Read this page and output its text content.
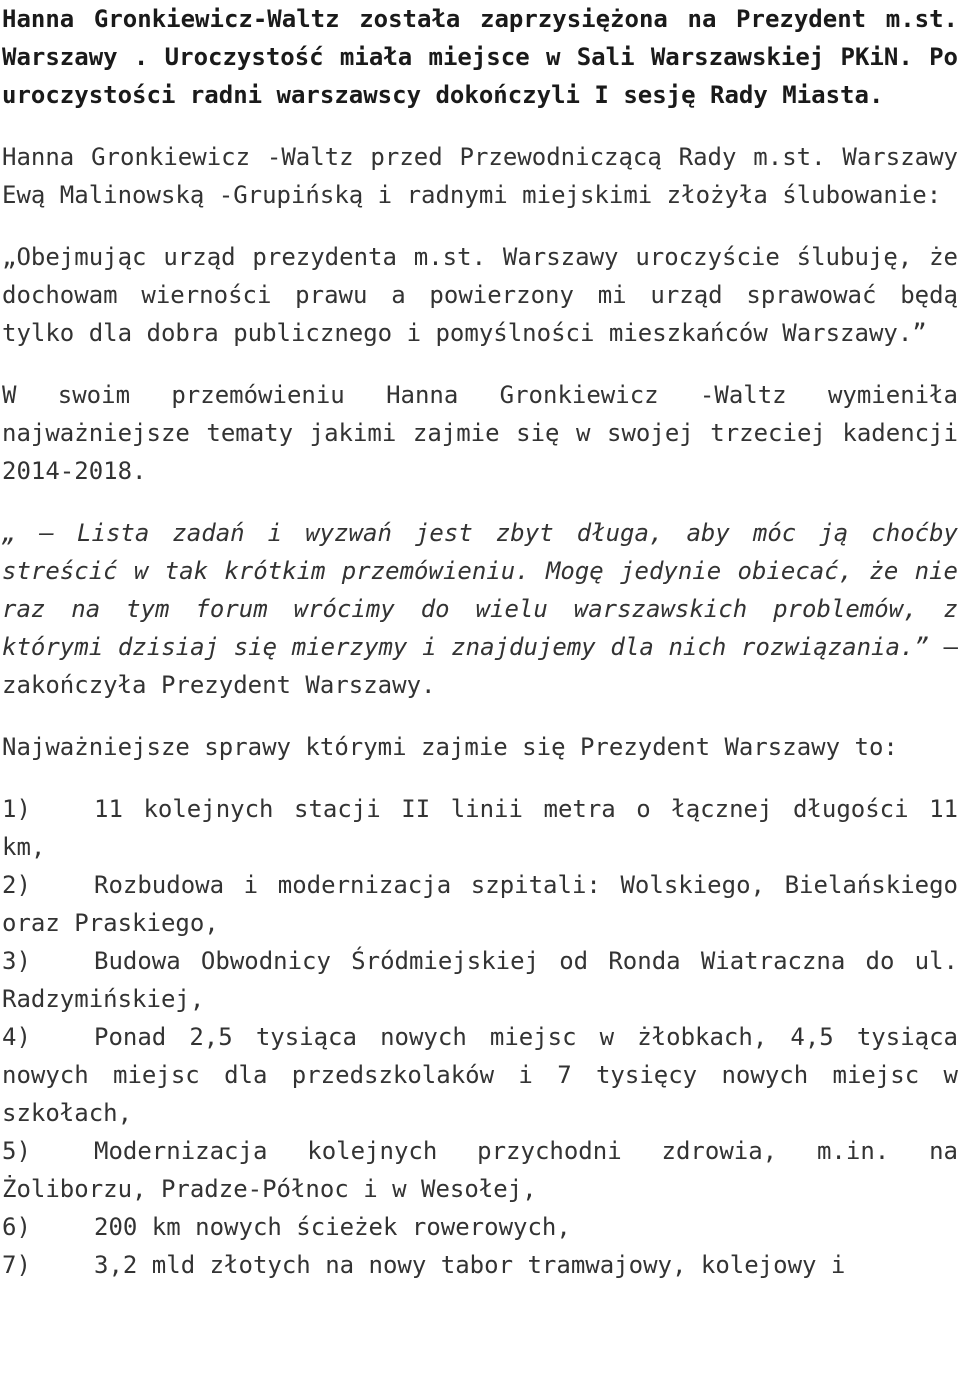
Hanna Gronkiewicz-Waltz została zaprzysiężona na Prezydent m.st. Warszawy . Uroczystość miała miejsce w Sali Warszawskiej PKiN. Po uroczystości radni warszawscy dokończyli I sesję Rady Miasta.

Hanna Gronkiewicz -Waltz przed Przewodniczącą Rady m.st. Warszawy Ewą Malinowską -Grupińską i radnymi miejskimi złożyła ślubowanie:

„Obejmując urząd prezydenta m.st. Warszawy uroczyście ślubuję, że dochowam wierności prawu a powierzony mi urząd sprawować będą tylko dla dobra publicznego i pomyślności mieszkańców Warszawy.”

W swoim przemówieniu Hanna Gronkiewicz -Waltz wymieniła najważniejsze tematy jakimi zajmie się w swojej trzeciej kadencji 2014-2018.

„ – Lista zadań i wyzwań jest zbyt długa, aby móc ją choćby streścić w tak krótkim przemówieniu. Mogę jedynie obiecać, że nie raz na tym forum wrócimy do wielu warszawskich problemów, z którymi dzisiaj się mierzymy i znajdujemy dla nich rozwiązania.” – zakończyła Prezydent Warszawy.

Najważniejsze sprawy którymi zajmie się Prezydent Warszawy to:

1)	11 kolejnych stacji II linii metra o łącznej długości 11 km,
2)	Rozbudowa i modernizacja szpitali: Wolskiego, Bielańskiego oraz Praskiego,
3)	Budowa Obwodnicy Śródmiejskiej od Ronda Wiatraczna do ul. Radzymińskiej,
4)	Ponad 2,5 tysiąca nowych miejsc w żłobkach, 4,5 tysiąca nowych miejsc dla przedszkolaków i 7 tysięcy nowych miejsc w szkołach,
5)	Modernizacja kolejnych przychodni zdrowia, m.in. na Żoliborzu, Pradze-Północ i w Wesołej,
6)	200 km nowych ścieżek rowerowych,
7)	3,2 mld złotych na nowy tabor tramwajowy, kolejowy i
